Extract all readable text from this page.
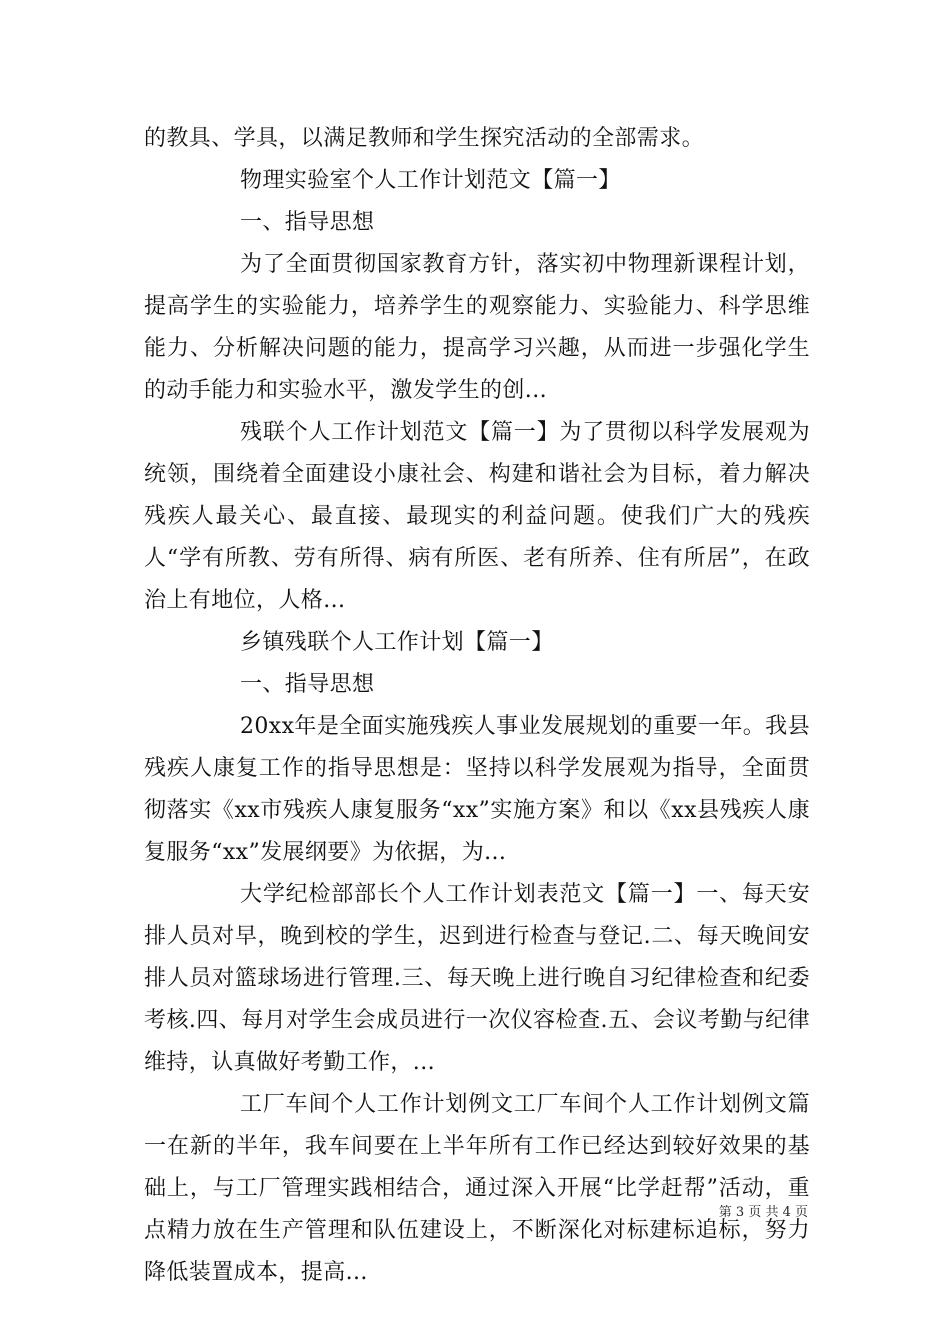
的教具、学具，以满足教师和学生探究活动的全部需求。

物理实验室个人工作计划范文【篇一】

一、指导思想

为了全面贯彻国家教育方针，落实初中物理新课程计划，提高学生的实验能力，培养学生的观察能力、实验能力、科学思维能力、分析解决问题的能力，提高学习兴趣，从而进一步强化学生的动手能力和实验水平，激发学生的创...

残联个人工作计划范文【篇一】为了贯彻以科学发展观为统领，围绕着全面建设小康社会、构建和谐社会为目标，着力解决残疾人最关心、最直接、最现实的利益问题。使我们广大的残疾人“学有所教、劳有所得、病有所医、老有所养、住有所居”，在政治上有地位，人格...

乡镇残联个人工作计划【篇一】

一、指导思想

20xx年是全面实施残疾人事业发展规划的重要一年。我县残疾人康复工作的指导思想是：坚持以科学发展观为指导，全面贯彻落实《xx市残疾人康复服务“xx”实施方案》和以《xx县残疾人康复服务“xx”发展纲要》为依据，为...

大学纪检部部长个人工作计划表范文【篇一】一、每天安排人员对早，晚到校的学生，迟到进行检查与登记.二、每天晚间安排人员对篮球场进行管理.三、每天晚上进行晚自习纪律检查和纪委考核.四、每月对学生会成员进行一次仪容检查.五、会议考勤与纪律维持，认真做好考勤工作，...

工厂车间个人工作计划例文工厂车间个人工作计划例文篇一在新的半年，我车间要在上半年所有工作已经达到较好效果的基础上，与工厂管理实践相结合，通过深入开展“比学赶帮”活动，重点精力放在生产管理和队伍建设上，不断深化对标建标追标，努力降低装置成本，提高...

第 3 页 共 4 页
